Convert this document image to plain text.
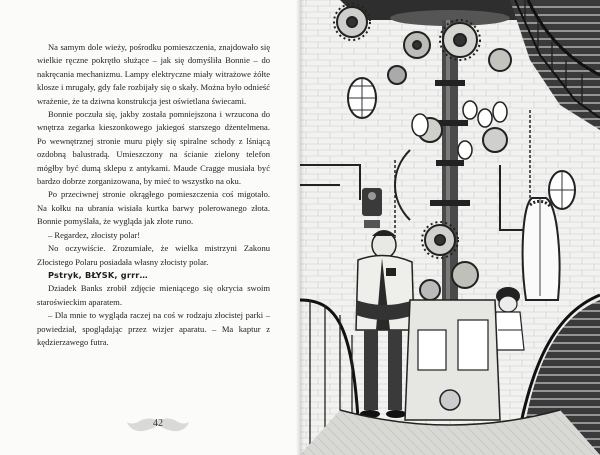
Na samym dole wieży, pośrodku pomieszczenia, znajdowało się wielkie ręczne pokrętło służące – jak się domyśliła Bonnie – do nakręcania mechanizmu. Lampy elektryczne miały witrażowe żółte klosze i mrugały, gdy fale rozbijały się o skały. Można było odnieść wrażenie, że ta dziwna konstrukcja jest oświetlana świecami.

Bonnie poczuła się, jakby została pomniejszona i wrzucona do wnętrza zegarka kieszonkowego jakiegoś starszego dżentelmena. Po wewnętrznej stronie muru pięły się spiralne schody z lśniącą ozdobną balustradą. Umieszczony na ścianie zielony telefon mógłby być dumą sklepu z antykami. Maude Cragge musiała być bardzo dobrze zorganizowana, by mieć to wszystko na oku.

Po przeciwnej stronie okrągłego pomieszczenia coś migotało. Na kołku na ubrania wisiała kurtka barwy polerowanego złota. Bonnie pomyślała, że wygląda jak złote runo.

– Regardez, złocisty polar!

No oczywiście. Zrozumiałe, że wielka mistrzyni Zakonu Złocistego Polaru posiadała własny złocisty polar.

Pstryk, BŁYSK, grrr…

Dziadek Banks zrobił zdjęcie mieniącego się okrycia swoim staroświeckim aparatem.

– Dla mnie to wygląda raczej na coś w rodzaju złocistej parki – powiedział, spoglądając przez wizjer aparatu. – Ma kaptur z kędzierzawego futra.

42
